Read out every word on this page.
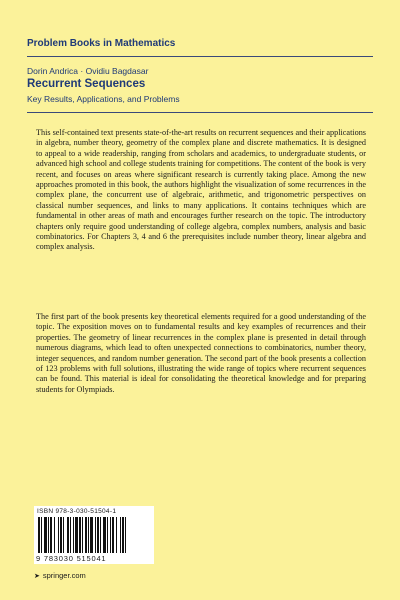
Problem Books in Mathematics
Dorin Andrica · Ovidiu Bagdasar
Recurrent Sequences
Key Results, Applications, and Problems

This self-contained text presents state-of-the-art results on recurrent sequences and their applications in algebra, number theory, geometry of the complex plane and discrete mathematics. It is designed to appeal to a wide readership, ranging from scholars and academics, to undergraduate students, or advanced high school and college students training for competitions. The content of the book is very recent, and focuses on areas where significant research is currently taking place. Among the new approaches promoted in this book, the authors highlight the visualization of some recurrences in the complex plane, the concurrent use of algebraic, arithmetic, and trigonometric perspectives on classical number sequences, and links to many applications. It contains techniques which are fundamental in other areas of math and encourages further research on the topic. The introductory chapters only require good understanding of college algebra, complex numbers, analysis and basic combinatorics. For Chapters 3, 4 and 6 the prerequisites include number theory, linear algebra and complex analysis.

The first part of the book presents key theoretical elements required for a good understanding of the topic. The exposition moves on to fundamental results and key examples of recurrences and their properties. The geometry of linear recurrences in the complex plane is presented in detail through numerous diagrams, which lead to often unexpected connections to combinatorics, number theory, integer sequences, and random number generation. The second part of the book presents a collection of 123 problems with full solutions, illustrating the wide range of topics where recurrent sequences can be found. This material is ideal for consolidating the theoretical knowledge and for preparing students for Olympiads.

ISBN 978-3-030-51504-1
9 783030 515041
➤ springer.com
